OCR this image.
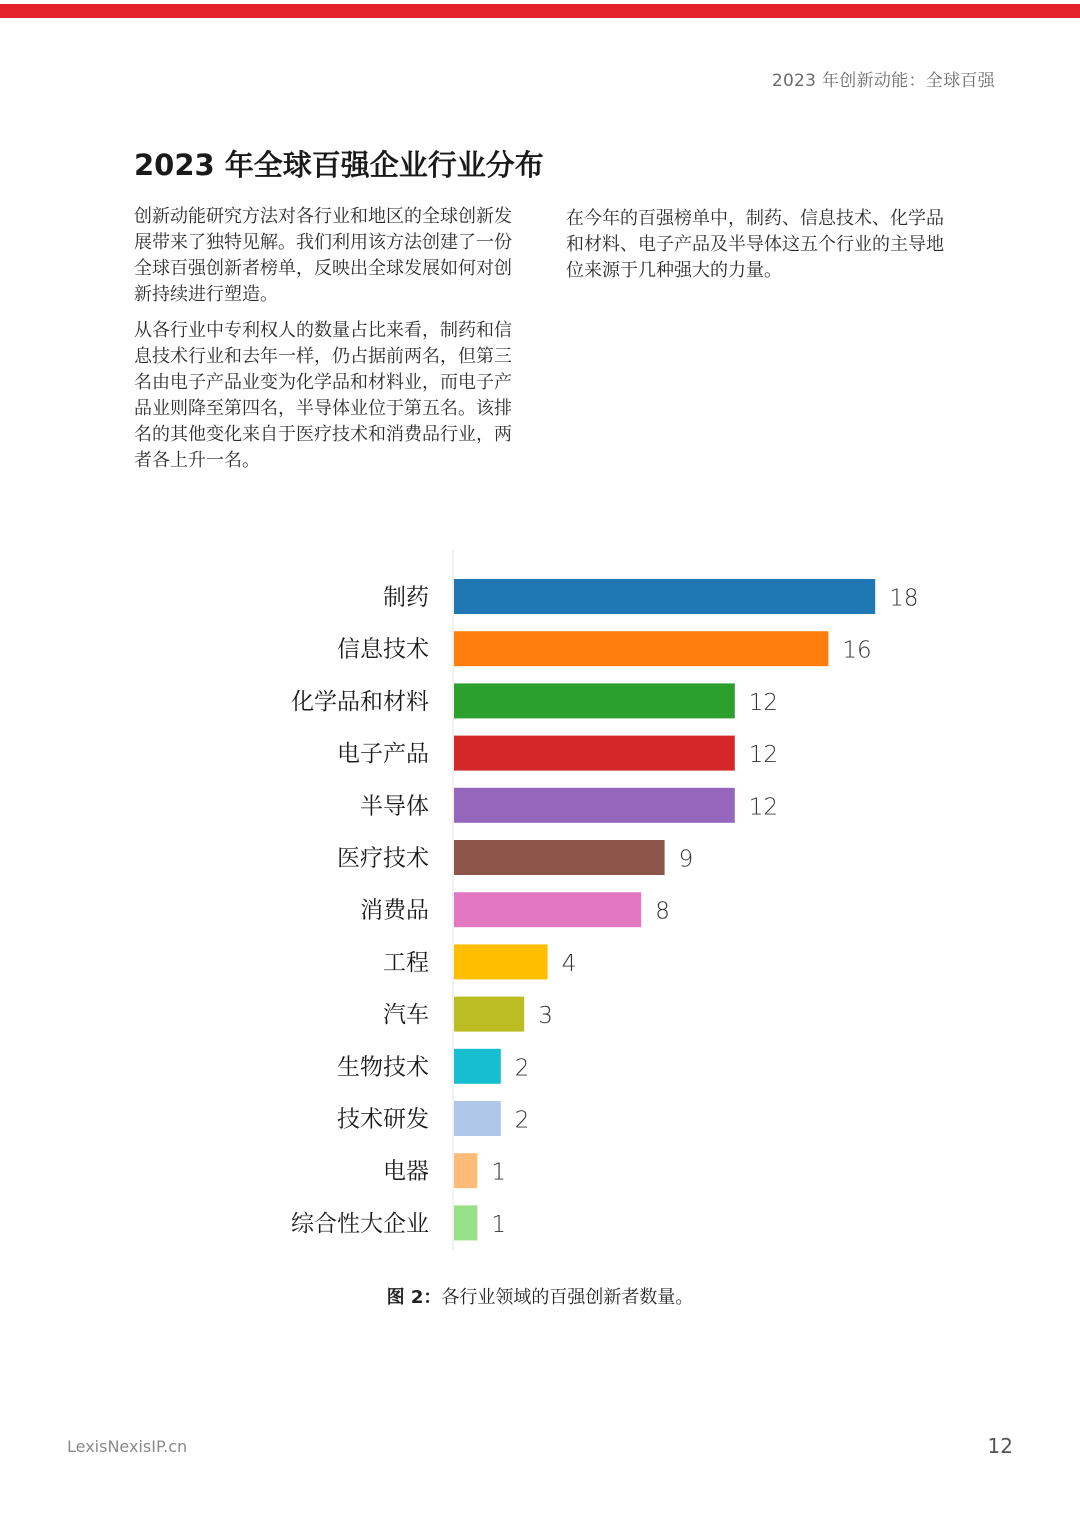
2023 年创新动能：全球百强
2023 年全球百强企业行业分布

创新动能研究方法对各行业和地区的全球创新发展带来了独特见解。我们利用该方法创建了一份全球百强创新者榜单，反映出全球发展如何对创新持续进行塑造。

从各行业中专利权人的数量占比来看，制药和信息技术行业和去年一样，仍占据前两名，但第三名由电子产品业变为化学品和材料业，而电子产品业则降至第四名，半导体业位于第五名。该排名的其他变化来自于医疗技术和消费品行业，两者各上升一名。

在今年的百强榜单中，制药、信息技术、化学品和材料、电子产品及半导体这五个行业的主导地位来源于几种强大的力量。

制药	18
信息技术	16
化学品和材料	12
电子产品	12
半导体	12
医疗技术	9
消费品	8
工程	4
汽车	3
生物技术	2
技术研发	2
电器	1
综合性大企业	1
图 2：各行业领域的百强创新者数量。
LexisNexisIP.cn	12
